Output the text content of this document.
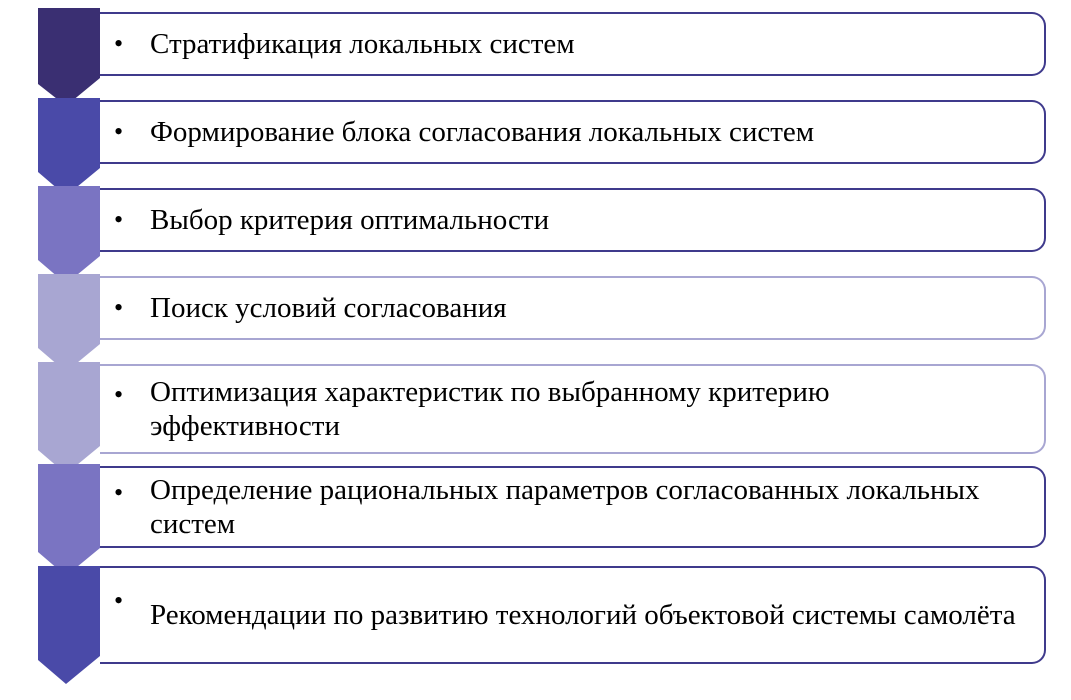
• Стратификация локальных систем
• Формирование блока согласования локальных систем
• Выбор критерия оптимальности
• Поиск условий согласования
• Оптимизация характеристик по выбранному критерию эффективности
• Определение рациональных параметров согласованных локальных систем
• Рекомендации по развитию технологий объектовой системы самолёта
